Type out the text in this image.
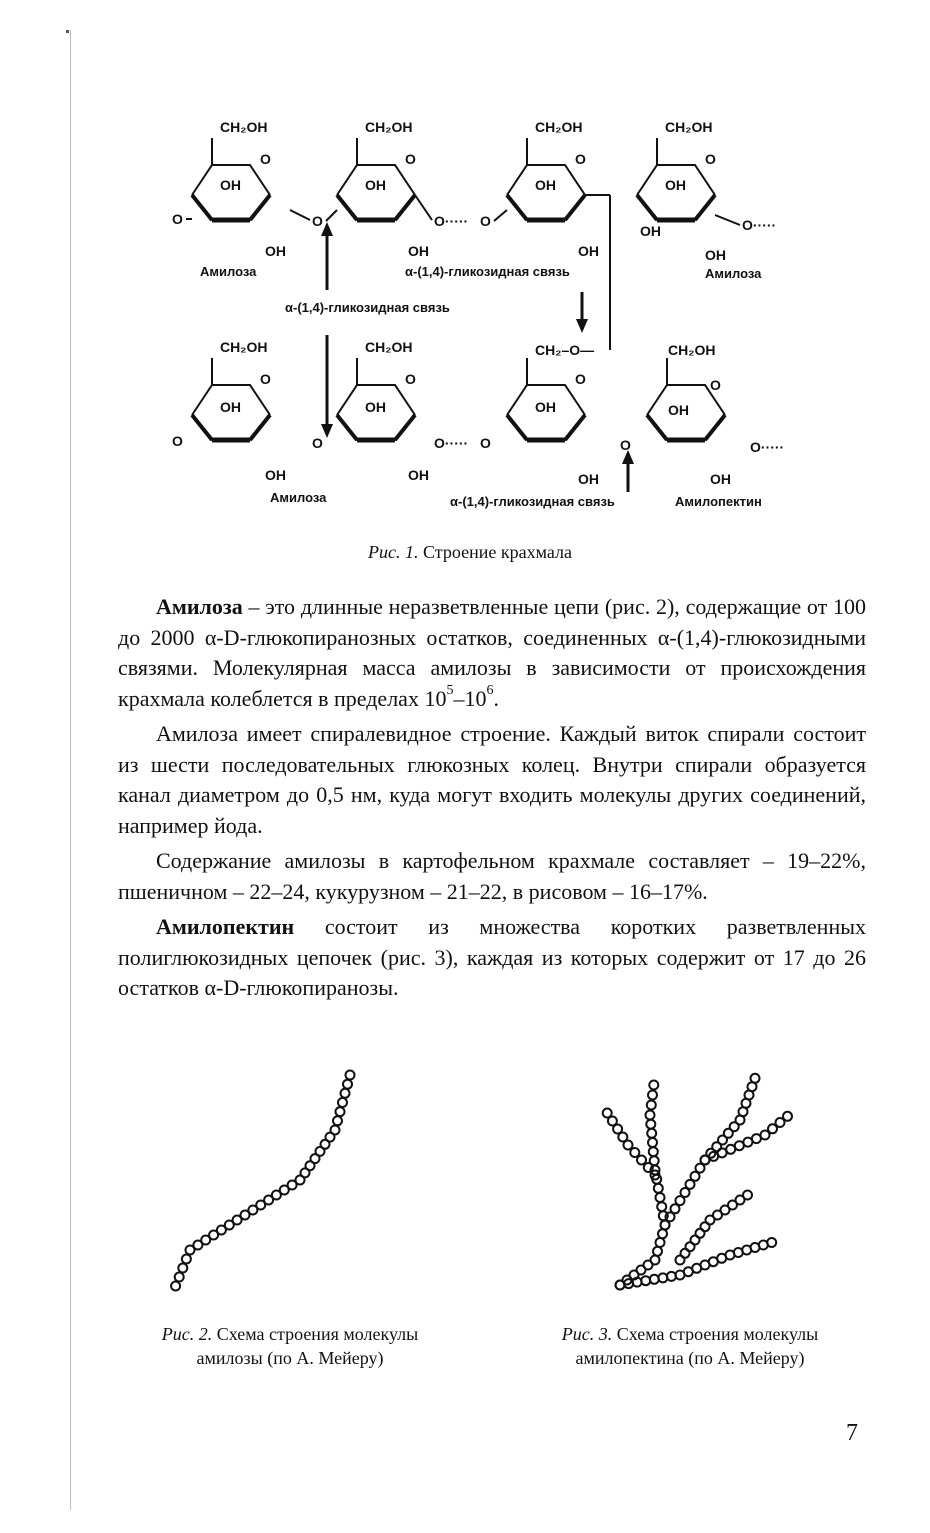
CH₂OH	CH₂OH	CH₂OH	CH₂OH
O	O	O	O
OH	OH	OH	OH
OH	OH	OH	OH
OH
O	O	O····· O	O·····
Амилоза	α-(1,4)-гликозидная связь	Амилоза
α-(1,4)-гликозидная связь
CH₂OH	CH₂OH	CH₂–O—	CH₂OH
O	O	O	O
OH	OH	OH	OH
OH	OH	OH	OH
O	O	O····· O	O	O·····
Амилоза	α-(1,4)-гликозидная связь	Амилопектин
Рис. 1. Строение крахмала

Амилоза – это длинные неразветвленные цепи (рис. 2), содержащие от 100 до 2000 α-D-глюкопиранозных остатков, соединенных α-(1,4)-глюкозидными связями. Молекулярная масса амилозы в зависимости от происхождения крахмала колеблется в пределах $10^5-10^6$.

Амилоза имеет спиралевидное строение. Каждый виток спирали состоит из шести последовательных глюкозных колец. Внутри спирали образуется канал диаметром до 0,5 нм, куда могут входить молекулы других соединений, например йода.

Содержание амилозы в картофельном крахмале составляет – 19–22%, пшеничном – 22–24, кукурузном – 21–22, в рисовом – 16–17%.

Амилопектин состоит из множества коротких разветвленных полиглюкозидных цепочек (рис. 3), каждая из которых содержит от 17 до 26 остатков α-D-глюкопиранозы.

Рис. 2. Схема строения молекулы
амилозы (по А. Мейеру)
Рис. 3. Схема строения молекулы
амилопектина (по А. Мейеру)
7
